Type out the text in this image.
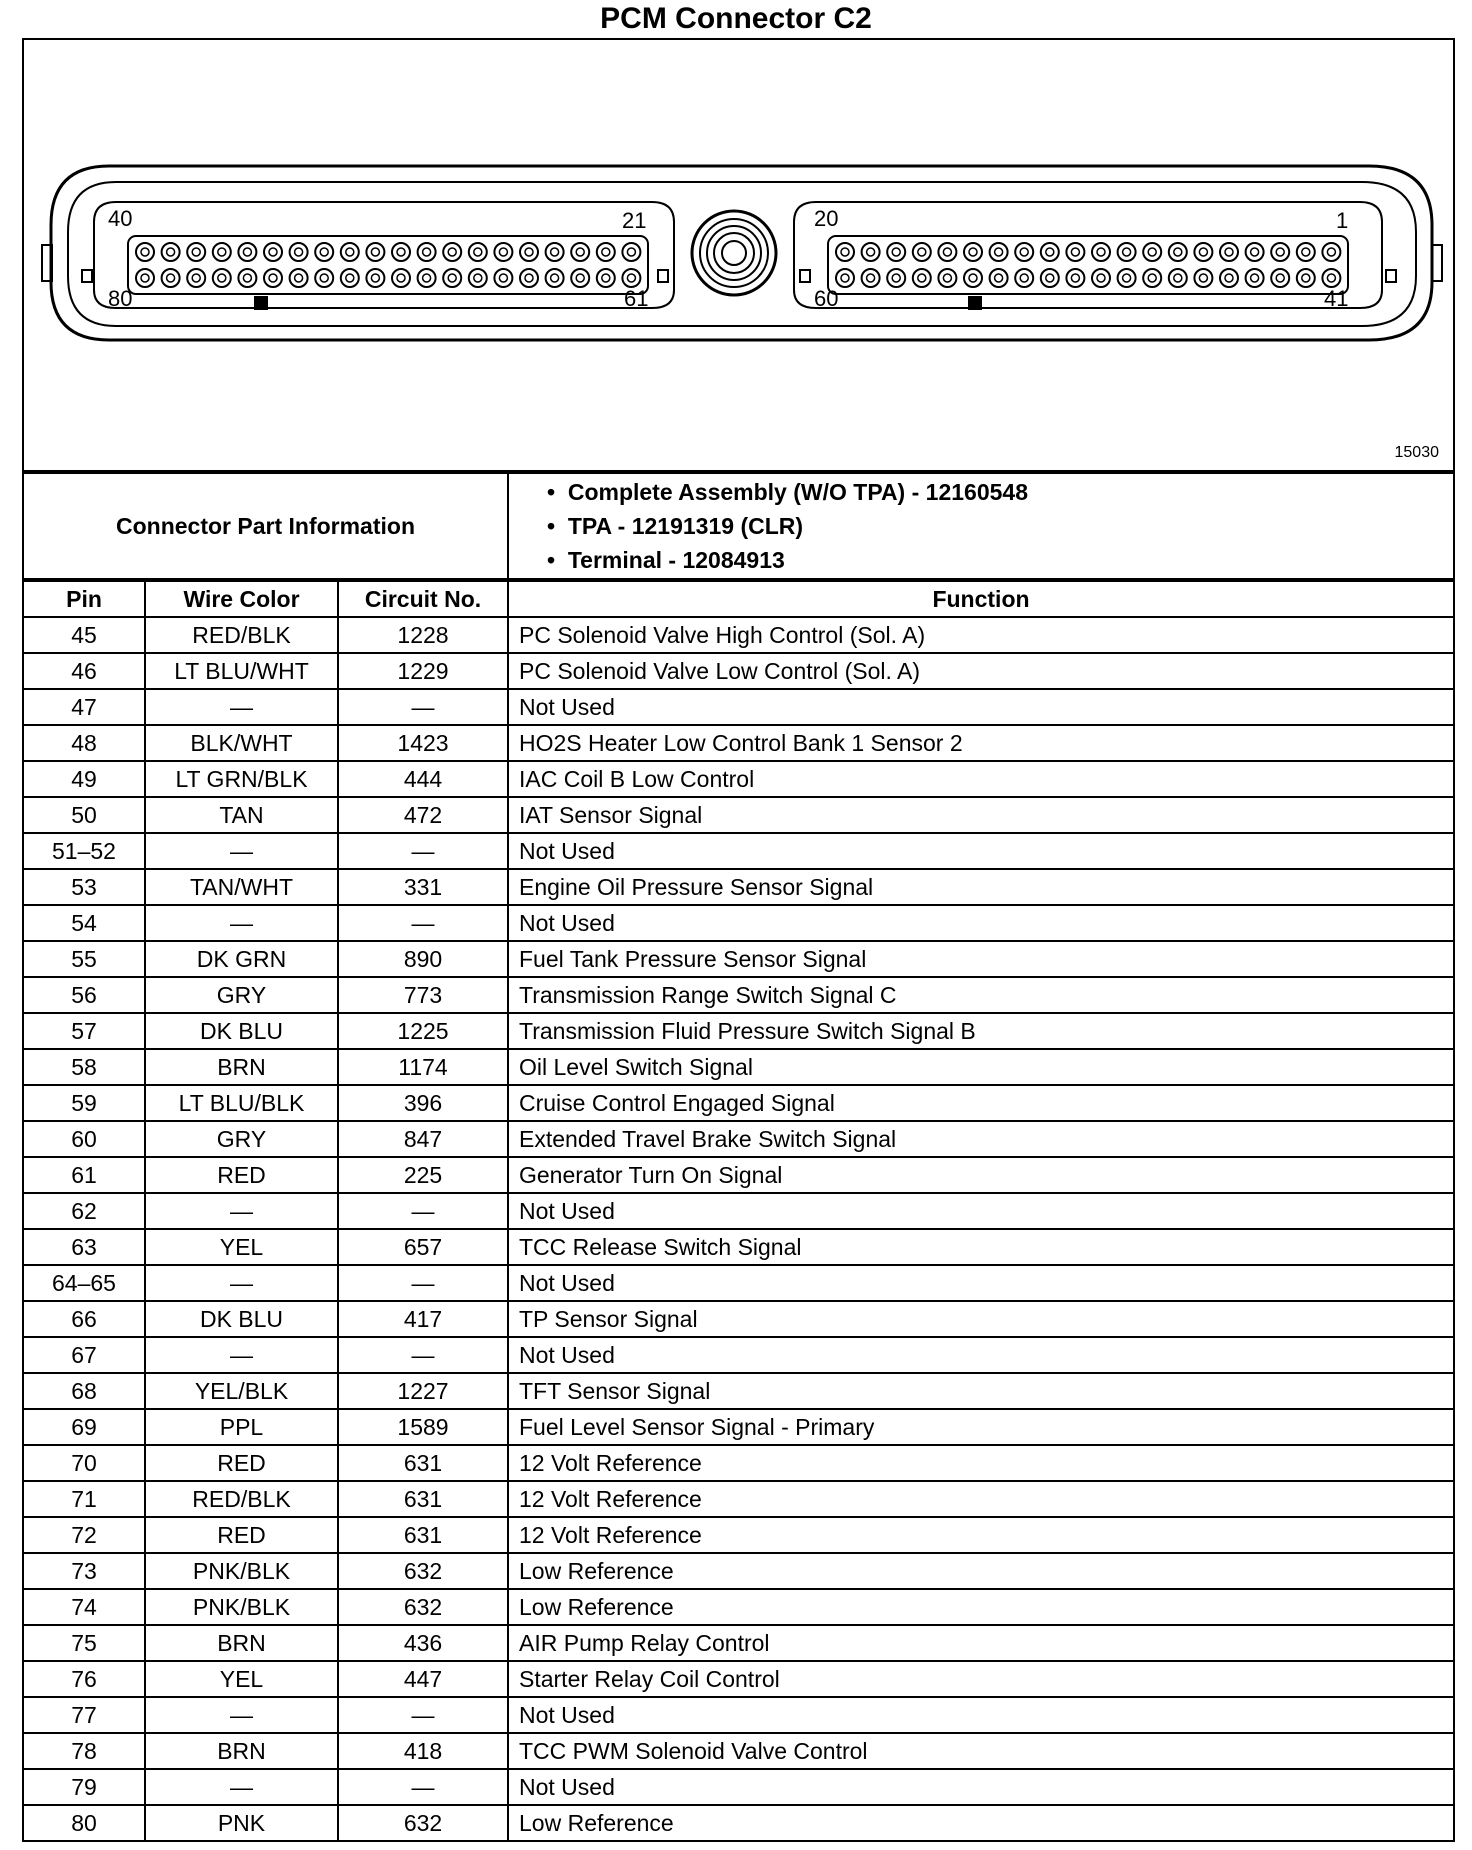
PCM Connector C2
40	21
80	61
20	1
60	41
15030
Connector Part Information	
•  Complete Assembly (W/O TPA) - 12160548
•  TPA - 12191319 (CLR)
•  Terminal - 12084913
Pin	Wire Color	Circuit No.	Function
45	RED/BLK	1228	PC Solenoid Valve High Control (Sol. A)
46	LT BLU/WHT	1229	PC Solenoid Valve Low Control (Sol. A)
47	—	—	Not Used
48	BLK/WHT	1423	HO2S Heater Low Control Bank 1 Sensor 2
49	LT GRN/BLK	444	IAC Coil B Low Control
50	TAN	472	IAT Sensor Signal
51–52	—	—	Not Used
53	TAN/WHT	331	Engine Oil Pressure Sensor Signal
54	—	—	Not Used
55	DK GRN	890	Fuel Tank Pressure Sensor Signal
56	GRY	773	Transmission Range Switch Signal C
57	DK BLU	1225	Transmission Fluid Pressure Switch Signal B
58	BRN	1174	Oil Level Switch Signal
59	LT BLU/BLK	396	Cruise Control Engaged Signal
60	GRY	847	Extended Travel Brake Switch Signal
61	RED	225	Generator Turn On Signal
62	—	—	Not Used
63	YEL	657	TCC Release Switch Signal
64–65	—	—	Not Used
66	DK BLU	417	TP Sensor Signal
67	—	—	Not Used
68	YEL/BLK	1227	TFT Sensor Signal
69	PPL	1589	Fuel Level Sensor Signal - Primary
70	RED	631	12 Volt Reference
71	RED/BLK	631	12 Volt Reference
72	RED	631	12 Volt Reference
73	PNK/BLK	632	Low Reference
74	PNK/BLK	632	Low Reference
75	BRN	436	AIR Pump Relay Control
76	YEL	447	Starter Relay Coil Control
77	—	—	Not Used
78	BRN	418	TCC PWM Solenoid Valve Control
79	—	—	Not Used
80	PNK	632	Low Reference
